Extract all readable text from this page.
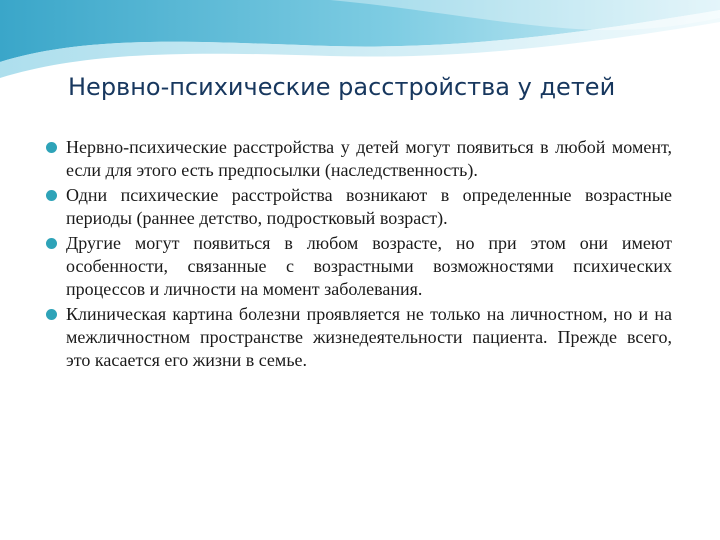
Нервно-психические расстройства у детей
Нервно-психические расстройства у детей могут появиться в любой момент, если для этого есть предпосылки (наследственность).
Одни психические расстройства возникают в определенные возрастные периоды (раннее детство, подростковый возраст).
Другие могут появиться в любом возрасте, но при этом они имеют особенности, связанные с возрастными возможностями психических процессов и личности на момент заболевания.
Клиническая картина болезни проявляется не только на личностном, но и на межличностном пространстве жизнедеятельности пациента. Прежде всего, это касается его жизни в семье.
